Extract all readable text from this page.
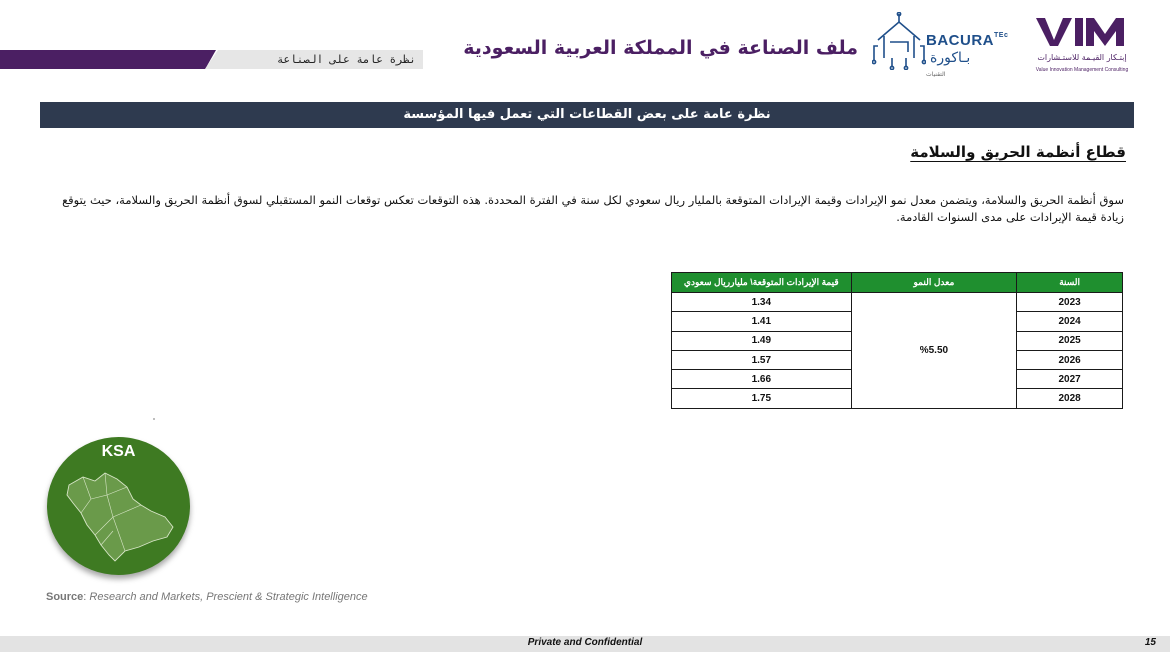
نظرة عامة على الصناعة
ملف الصناعة في المملكة العربية السعودية	$BACURA^{TEc}$
بـاكورة
التقنيات
إبتـكار القيـمة للاستـشارات
Value Innovation Management Consulting
نظرة عامة على بعض القطاعات التي تعمل فيها المؤسسة
قطاع أنظمة الحريق والسلامة
سوق أنظمة الحريق والسلامة، ويتضمن معدل نمو الإيرادات وقيمة الإيرادات المتوقعة بالمليار ريال سعودي لكل سنة في الفترة المحددة. هذه التوقعات تعكس توقعات النمو المستقبلي لسوق أنظمة الحريق والسلامة، حيث يتوقع زيادة قيمة الإيرادات على مدى السنوات القادمة.
قيمة الإيرادات المتوقعة\ مليارريال سعودي	معدل النمو	السنة
1.34	%5.50	2023
1.41		2024
1.49		2025
1.57		2026
1.66		2027
1.75		2028
KSA
Source: Research and Markets, Prescient & Strategic Intelligence
Private and Confidential	15
